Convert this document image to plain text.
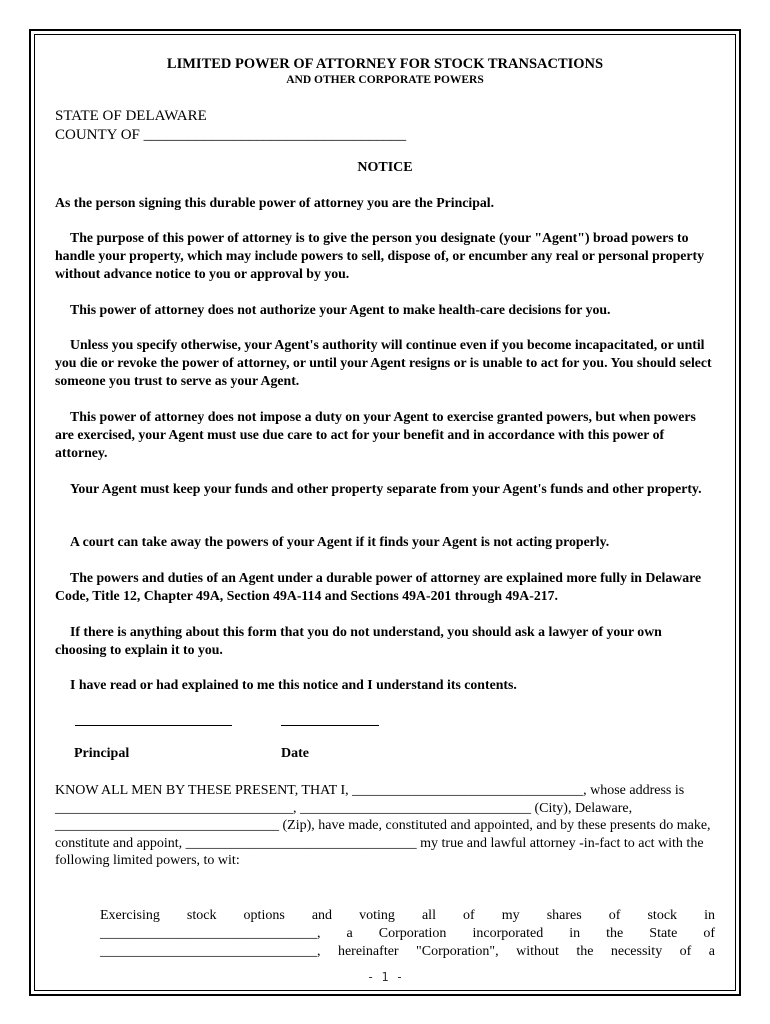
LIMITED POWER OF ATTORNEY FOR STOCK TRANSACTIONS

AND OTHER CORPORATE POWERS

STATE OF DELAWARE
COUNTY OF ___________________________________
NOTICE

As the person signing this durable power of attorney you are the Principal.

The purpose of this power of attorney is to give the person you designate (your "Agent") broad powers to handle your property, which may include powers to sell, dispose of, or encumber any real or personal property without advance notice to you or approval by you.

This power of attorney does not authorize your Agent to make health-care decisions for you.

Unless you specify otherwise, your Agent's authority will continue even if you become incapacitated, or until you die or revoke the power of attorney, or until your Agent resigns or is unable to act for you. You should select someone you trust to serve as your Agent.

This power of attorney does not impose a duty on your Agent to exercise granted powers, but when powers are exercised, your Agent must use due care to act for your benefit and in accordance with this power of attorney.

Your Agent must keep your funds and other property separate from your Agent's funds and other property.

A court can take away the powers of your Agent if it finds your Agent is not acting properly.

The powers and duties of an Agent under a durable power of attorney are explained more fully in Delaware Code, Title 12, Chapter 49A, Section 49A-114 and Sections 49A-201 through 49A-217.

If there is anything about this form that you do not understand, you should ask a lawyer of your own choosing to explain it to you.

I have read or had explained to me this notice and I understand its contents.

Principal	Date

KNOW ALL MEN BY THESE PRESENT, THAT I, _________________________________, whose address is __________________________________, _________________________________ (City), Delaware, ________________________________ (Zip), have made, constituted and appointed, and by these presents do make, constitute and appoint, _________________________________ my true and lawful attorney -in-fact to act with the following limited powers, to wit:

Exercising stock options and voting all of my shares of stock in

_______________________________, a Corporation incorporated in the State of

_______________________________, hereinafter "Corporation", without the necessity of a

- 1 -
